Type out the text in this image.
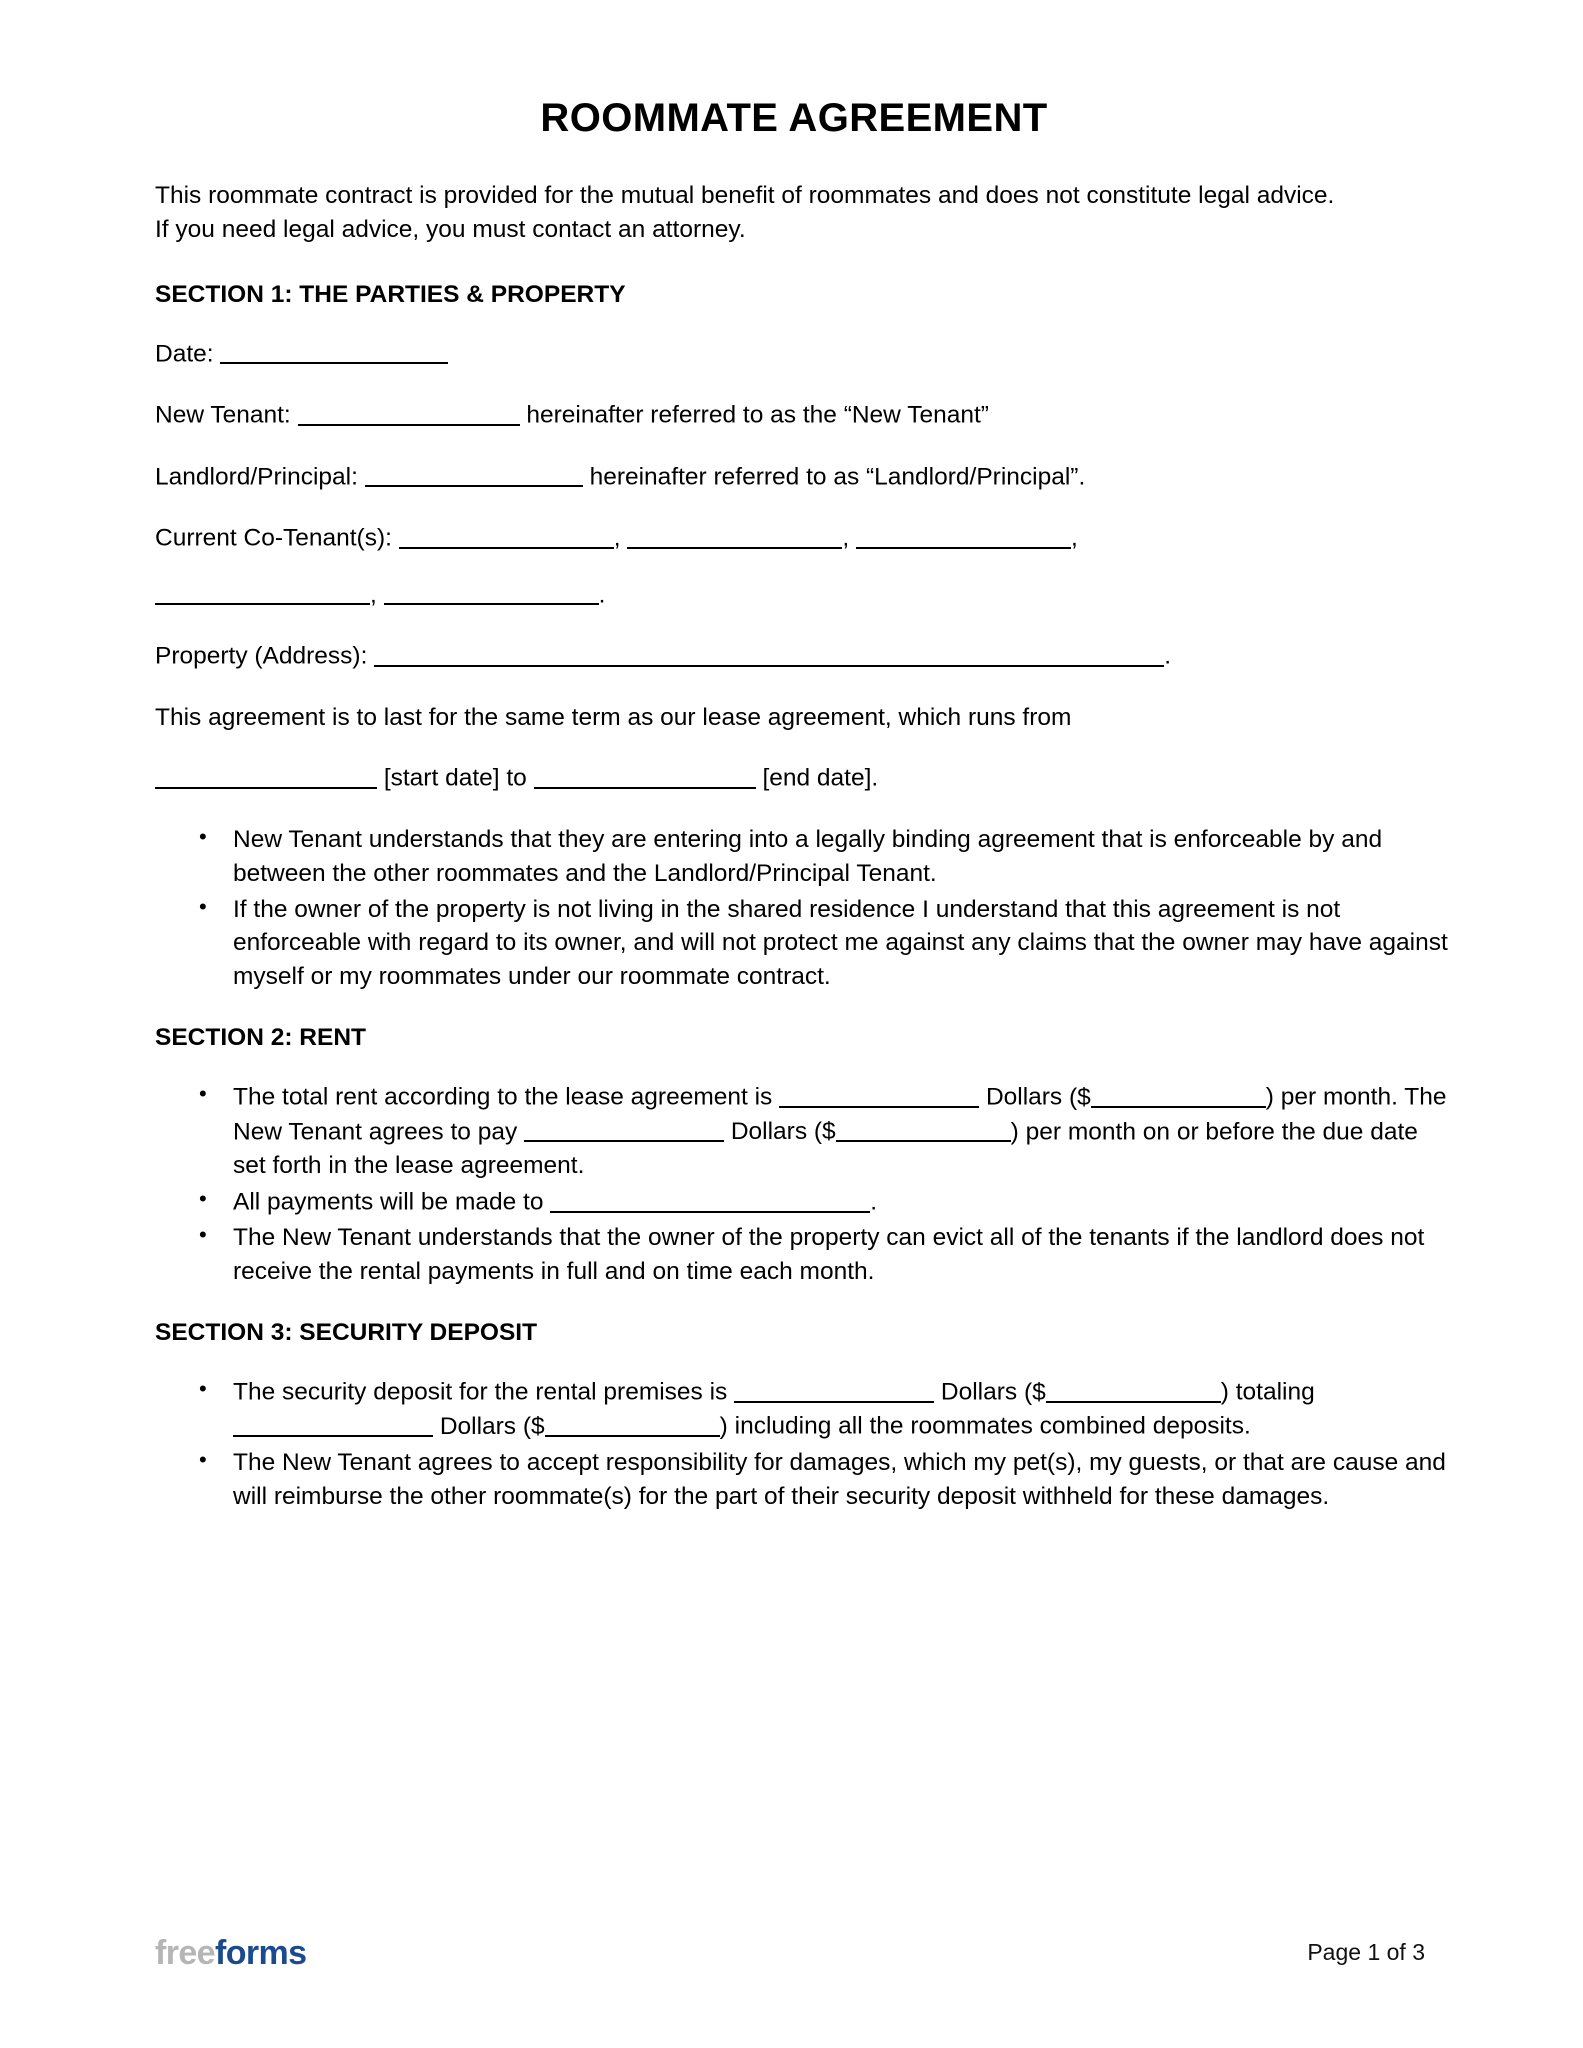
ROOMMATE AGREEMENT

This roommate contract is provided for the mutual benefit of roommates and does not constitute legal advice. If you need legal advice, you must contact an attorney.

SECTION 1: THE PARTIES & PROPERTY

Date:

New Tenant:	hereinafter referred to as the “New Tenant”

Landlord/Principal:	hereinafter referred to as “Landlord/Principal”.

Current Co-Tenant(s):	,	,	,

,	.

Property (Address):	.

This agreement is to last for the same term as our lease agreement, which runs from

[start date] to	[end date].

• New Tenant understands that they are entering into a legally binding agreement that is enforceable by and between the other roommates and the Landlord/Principal Tenant.
• If the owner of the property is not living in the shared residence I understand that this agreement is not enforceable with regard to its owner, and will not protect me against any claims that the owner may have against myself or my roommates under our roommate contract.
SECTION 2: RENT
• The total rent according to the lease agreement is	Dollars ($	) per month. The New Tenant agrees to pay	Dollars ($	) per month on or before the due date set forth in the lease agreement.
• All payments will be made to	.
• The New Tenant understands that the owner of the property can evict all of the tenants if the landlord does not receive the rental payments in full and on time each month.
SECTION 3: SECURITY DEPOSIT
• The security deposit for the rental premises is	Dollars ($	) totaling  Dollars ($	) including all the roommates combined deposits.
• The New Tenant agrees to accept responsibility for damages, which my pet(s), my guests, or that are cause and will reimburse the other roommate(s) for the part of their security deposit withheld for these damages.
freeforms	Page 1 of 3
